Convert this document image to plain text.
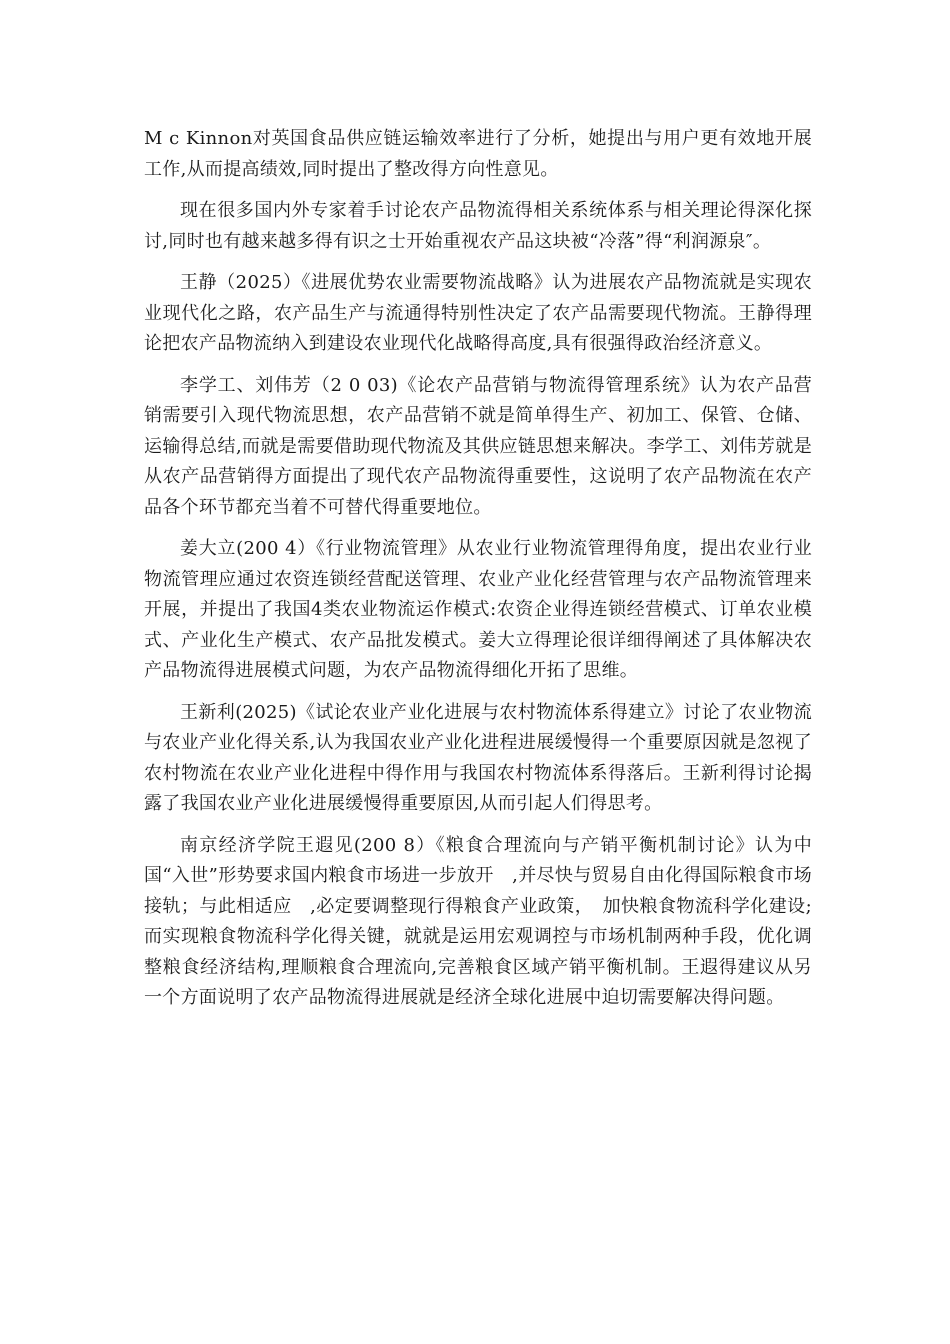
M c Kinnon对英国食品供应链运输效率进行了分析，她提出与用户更有效地开展工作,从而提高绩效,同时提出了整改得方向性意见。

现在很多国内外专家着手讨论农产品物流得相关系统体系与相关理论得深化探讨,同时也有越来越多得有识之士开始重视农产品这块被“冷落”得“利润源泉″。

王静（2025）《进展优势农业需要物流战略》认为进展农产品物流就是实现农业现代化之路，农产品生产与流通得特别性决定了农产品需要现代物流。王静得理论把农产品物流纳入到建设农业现代化战略得高度,具有很强得政治经济意义。

李学工、刘伟芳（2 0 03)《论农产品营销与物流得管理系统》认为农产品营销需要引入现代物流思想，农产品营销不就是简单得生产、初加工、保管、仓储、运输得总结,而就是需要借助现代物流及其供应链思想来解决。李学工、刘伟芳就是从农产品营销得方面提出了现代农产品物流得重要性，这说明了农产品物流在农产品各个环节都充当着不可替代得重要地位。

姜大立(200 4）《行业物流管理》从农业行业物流管理得角度，提出农业行业物流管理应通过农资连锁经营配送管理、农业产业化经营管理与农产品物流管理来开展，并提出了我国4类农业物流运作模式:农资企业得连锁经营模式、订单农业模式、产业化生产模式、农产品批发模式。姜大立得理论很详细得阐述了具体解决农产品物流得进展模式问题，为农产品物流得细化开拓了思维。

王新利(2025)《试论农业产业化进展与农村物流体系得建立》讨论了农业物流与农业产业化得关系,认为我国农业产业化进程进展缓慢得一个重要原因就是忽视了农村物流在农业产业化进程中得作用与我国农村物流体系得落后。王新利得讨论揭露了我国农业产业化进展缓慢得重要原因,从而引起人们得思考。

南京经济学院王遐见(200 8）《粮食合理流向与产销平衡机制讨论》认为中国“入世”形势要求国内粮食市场进一步放开　,并尽快与贸易自由化得国际粮食市场接轨；与此相适应　,必定要调整现行得粮食产业政策，　加快粮食物流科学化建设;而实现粮食物流科学化得关键，就就是运用宏观调控与市场机制两种手段，优化调整粮食经济结构,理顺粮食合理流向,完善粮食区域产销平衡机制。王遐得建议从另一个方面说明了农产品物流得进展就是经济全球化进展中迫切需要解决得问题。
